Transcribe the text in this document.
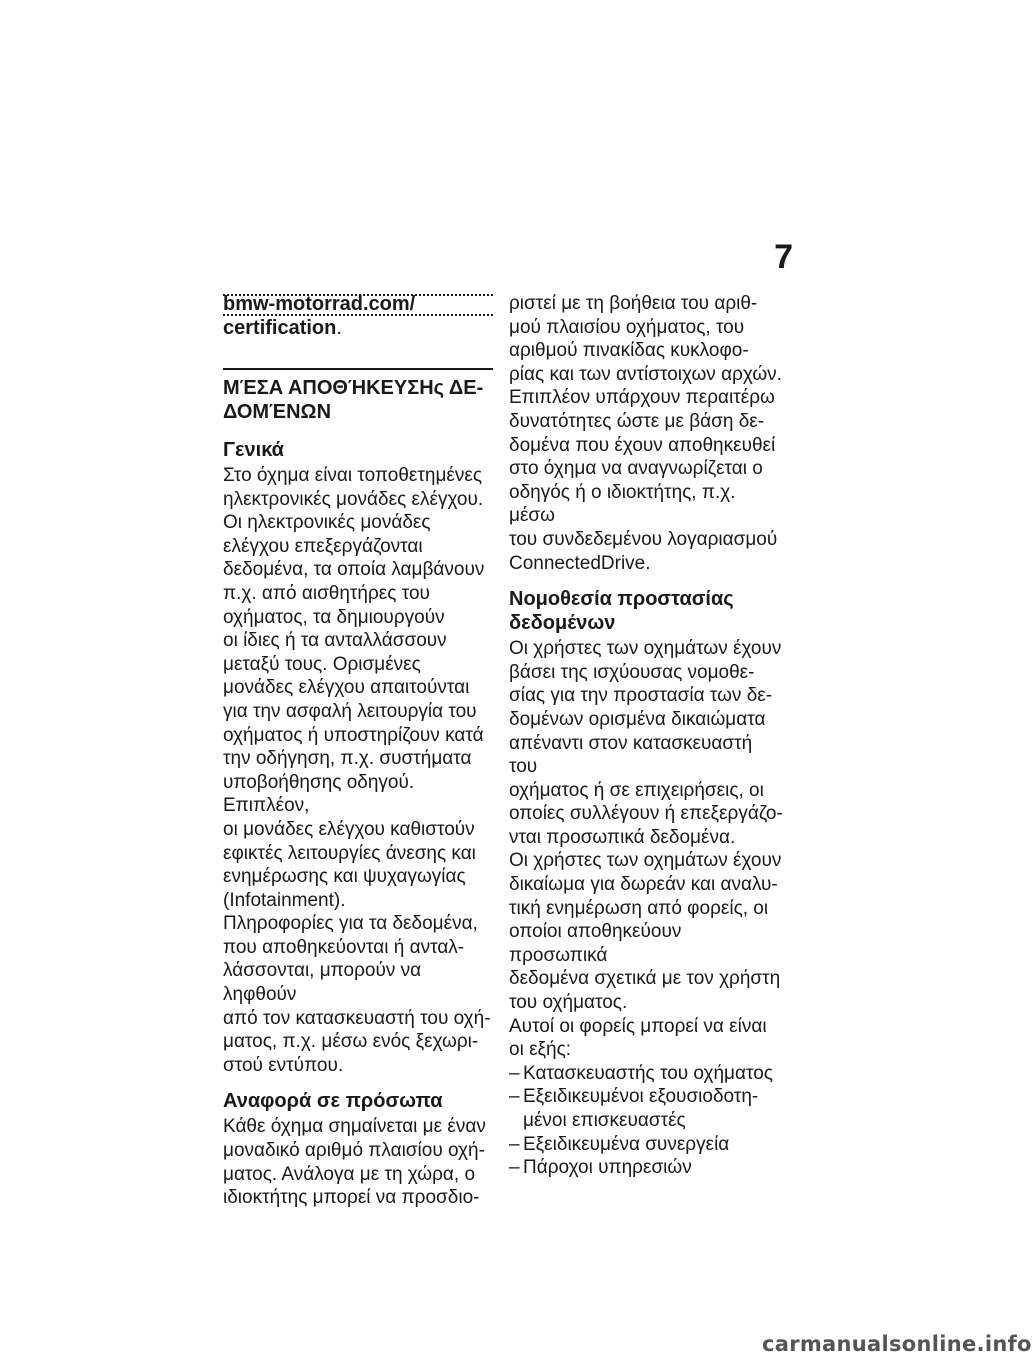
7
bmw-motorrad.com/
certification.
ΜΈΣΑ ΑΠΟΘΉΚΕΥΣΗς ΔΕ-ΔΟΜΈΝΩΝ
Γενικά
Στο όχημα είναι τοποθετημένες
ηλεκτρονικές μονάδες ελέγχου.
Οι ηλεκτρονικές μονάδες
ελέγχου επεξεργάζονται
δεδομένα, τα οποία λαμβάνουν
π.χ. από αισθητήρες του
οχήματος, τα δημιουργούν
οι ίδιες ή τα ανταλλάσσουν
μεταξύ τους. Ορισμένες
μονάδες ελέγχου απαιτούνται
για την ασφαλή λειτουργία του
οχήματος ή υποστηρίζουν κατά
την οδήγηση, π.χ. συστήματα
υποβοήθησης οδηγού. Επιπλέον,
οι μονάδες ελέγχου καθιστούν
εφικτές λειτουργίες άνεσης και
ενημέρωσης και ψυχαγωγίας
(Infotainment).
Πληροφορίες για τα δεδομένα,
που αποθηκεύονται ή ανταλ-
λάσσονται, μπορούν να ληφθούν
από τον κατασκευαστή του οχή-
ματος, π.χ. μέσω ενός ξεχωρι-
στού εντύπου.
Αναφορά σε πρόσωπα
Κάθε όχημα σημαίνεται με έναν
μοναδικό αριθμό πλαισίου οχή-
ματος. Ανάλογα με τη χώρα, ο
ιδιοκτήτης μπορεί να προσδιο-
ριστεί με τη βοήθεια του αριθ-
μού πλαισίου οχήματος, του
αριθμού πινακίδας κυκλοφο-
ρίας και των αντίστοιχων αρχών.
Επιπλέον υπάρχουν περαιτέρω
δυνατότητες ώστε με βάση δε-
δομένα που έχουν αποθηκευθεί
στο όχημα να αναγνωρίζεται ο
οδηγός ή ο ιδιοκτήτης, π.χ. μέσω
του συνδεδεμένου λογαριασμού
ConnectedDrive.
Νομοθεσία προστασίας
δεδομένων
Οι χρήστες των οχημάτων έχουν
βάσει της ισχύουσας νομοθε-
σίας για την προστασία των δε-
δομένων ορισμένα δικαιώματα
απέναντι στον κατασκευαστή του
οχήματος ή σε επιχειρήσεις, οι
οποίες συλλέγουν ή επεξεργάζο-
νται προσωπικά δεδομένα.
Οι χρήστες των οχημάτων έχουν
δικαίωμα για δωρεάν και αναλυ-
τική ενημέρωση από φορείς, οι
οποίοι αποθηκεύουν προσωπικά
δεδομένα σχετικά με τον χρήστη
του οχήματος.
Αυτοί οι φορείς μπορεί να είναι
οι εξής:
– Κατασκευαστής του οχήματος
– Εξειδικευμένοι εξουσιοδοτη-
μένοι επισκευαστές
– Εξειδικευμένα συνεργεία
– Πάροχοι υπηρεσιών
carmanualsonline.info
